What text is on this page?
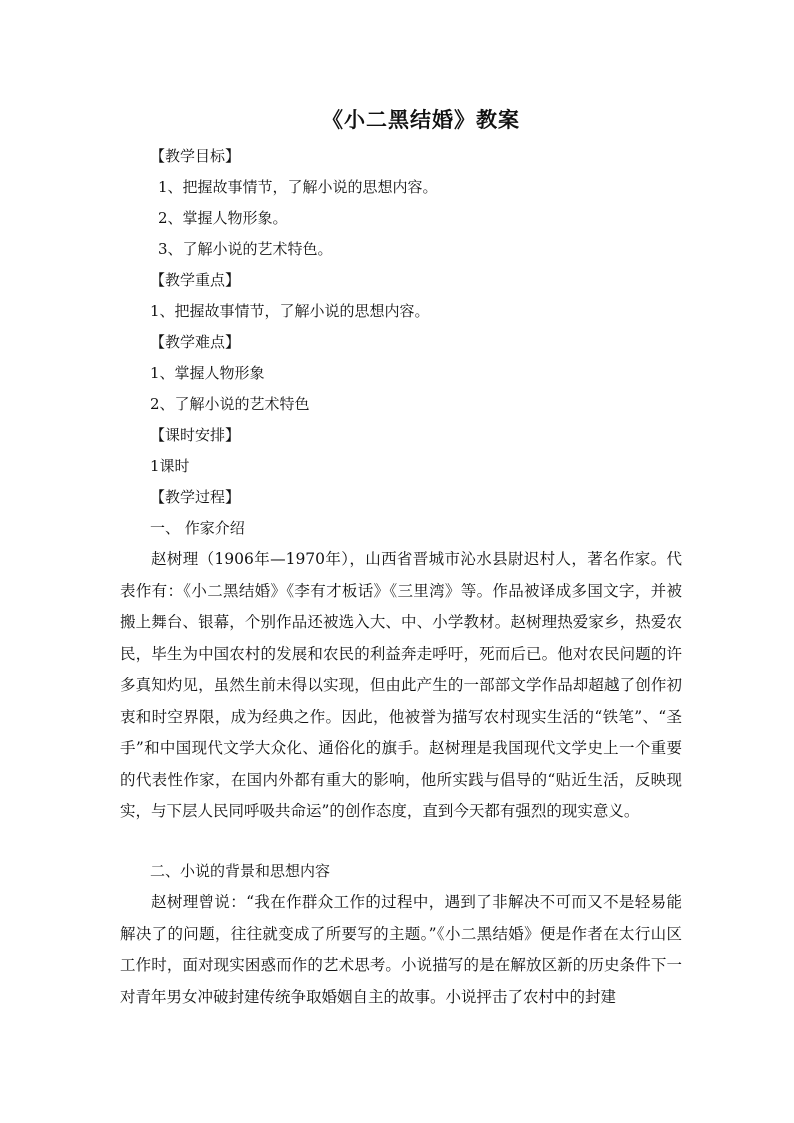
《小二黑结婚》教案
【教学目标】
1、把握故事情节，了解小说的思想内容。
2、掌握人物形象。
3、了解小说的艺术特色。
【教学重点】
1、把握故事情节，了解小说的思想内容。
【教学难点】
1、掌握人物形象
2、了解小说的艺术特色
【课时安排】
1课时
【教学过程】
一、 作家介绍

赵树理（1906年—1970年），山西省晋城市沁水县尉迟村人，著名作家。代表作有：《小二黑结婚》《李有才板话》《三里湾》等。作品被译成多国文字，并被搬上舞台、银幕，个别作品还被选入大、中、小学教材。赵树理热爱家乡，热爱农民，毕生为中国农村的发展和农民的利益奔走呼吁，死而后已。他对农民问题的许多真知灼见，虽然生前未得以实现，但由此产生的一部部文学作品却超越了创作初衷和时空界限，成为经典之作。因此，他被誉为描写农村现实生活的“铁笔”、“圣手”和中国现代文学大众化、通俗化的旗手。赵树理是我国现代文学史上一个重要的代表性作家，在国内外都有重大的影响，他所实践与倡导的“贴近生活，反映现实，与下层人民同呼吸共命运”的创作态度，直到今天都有强烈的现实意义。

二、小说的背景和思想内容

赵树理曾说：“我在作群众工作的过程中，遇到了非解决不可而又不是轻易能解决了的问题，往往就变成了所要写的主题。”《小二黑结婚》便是作者在太行山区工作时，面对现实困惑而作的艺术思考。小说描写的是在解放区新的历史条件下一对青年男女冲破封建传统争取婚姻自主的故事。小说抨击了农村中的封建
